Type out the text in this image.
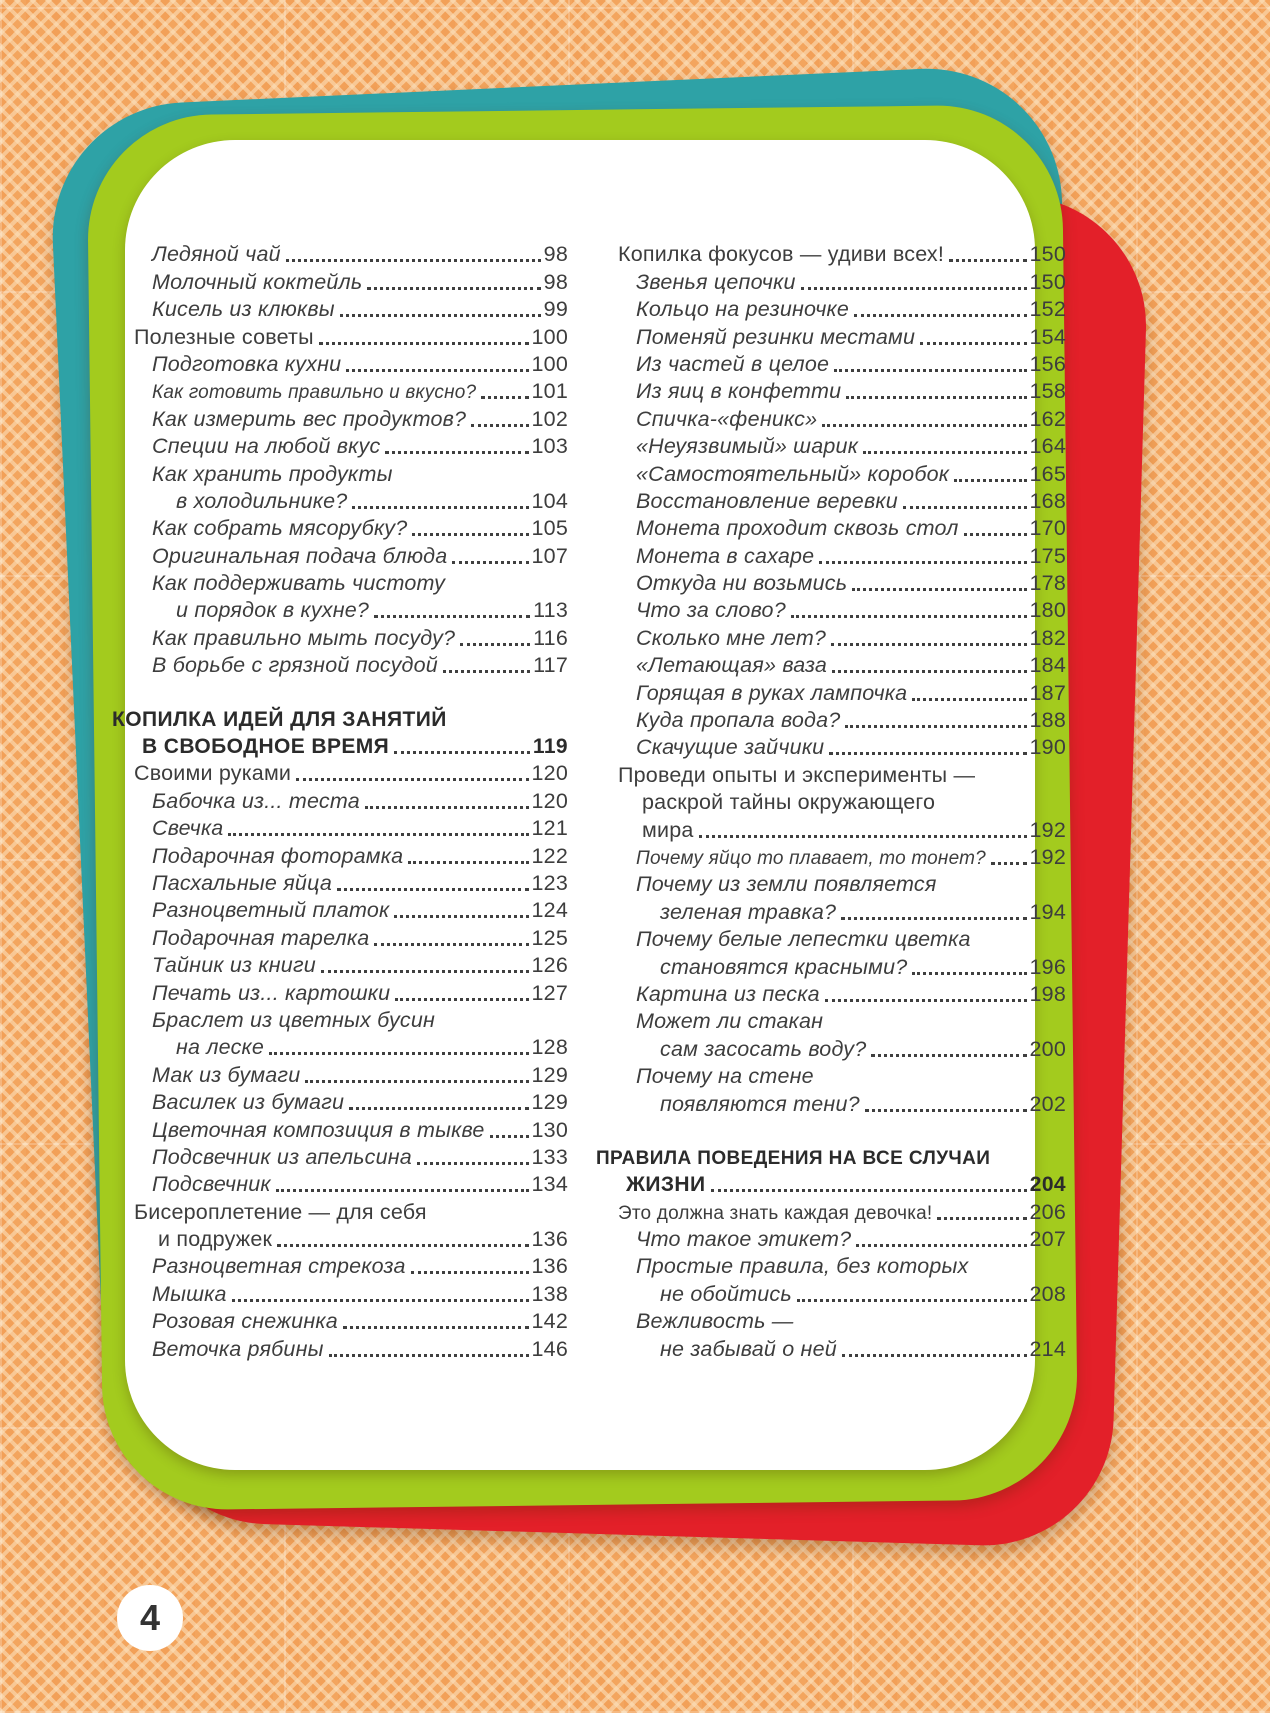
Ледяной чай	98
Молочный коктейль	98
Кисель из клюквы	99
Полезные советы	100
Подготовка кухни	100
Как готовить правильно и вкусно?	101
Как измерить вес продуктов?	102
Специи на любой вкус	103
Как хранить продукты
в холодильнике?	104
Как собрать мясорубку?	105
Оригинальная подача блюда	107
Как поддерживать чистоту
и порядок в кухне?	113
Как правильно мыть посуду?	116
В борьбе с грязной посудой	117
КОПИЛКА ИДЕЙ ДЛЯ ЗАНЯТИЙ
В СВОБОДНОЕ ВРЕМЯ	119
Своими руками	120
Бабочка из... теста	120
Свечка	121
Подарочная фоторамка	122
Пасхальные яйца	123
Разноцветный платок	124
Подарочная тарелка	125
Тайник из книги	126
Печать из... картошки	127
Браслет из цветных бусин
на леске	128
Мак из бумаги	129
Василек из бумаги	129
Цветочная композиция в тыкве 130
Подсвечник из апельсина	133
Подсвечник	134
Бисероплетение — для себя
и подружек	136
Разноцветная стрекоза	136
Мышка	138
Розовая снежинка	142
Веточка рябины	146
Копилка фокусов — удиви всех!	150
Звенья цепочки	150
Кольцо на резиночке	152
Поменяй резинки местами	154
Из частей в целое	156
Из яиц в конфетти	158
Спичка-«феникс»	162
«Неуязвимый» шарик	164
«Самостоятельный» коробок	165
Восстановление веревки	168
Монета проходит сквозь стол	170
Монета в сахаре	175
Откуда ни возьмись	178
Что за слово?	180
Сколько мне лет?	182
«Летающая» ваза	184
Горящая в руках лампочка	187
Куда пропала вода?	188
Скачущие зайчики	190
Проведи опыты и эксперименты —
раскрой тайны окружающего
мира	192
Почему яйцо то плавает, то тонет? 192
Почему из земли появляется
зеленая травка?	194
Почему белые лепестки цветка
становятся красными?	196
Картина из песка	198
Может ли стакан
сам засосать воду?	200
Почему на стене
появляются тени?	202
ПРАВИЛА ПОВЕДЕНИЯ НА ВСЕ СЛУЧАИ
ЖИЗНИ	204
Это должна знать каждая девочка!	206
Что такое этикет?	207
Простые правила, без которых
не обойтись	208
Вежливость —
не забывай о ней	214
4
